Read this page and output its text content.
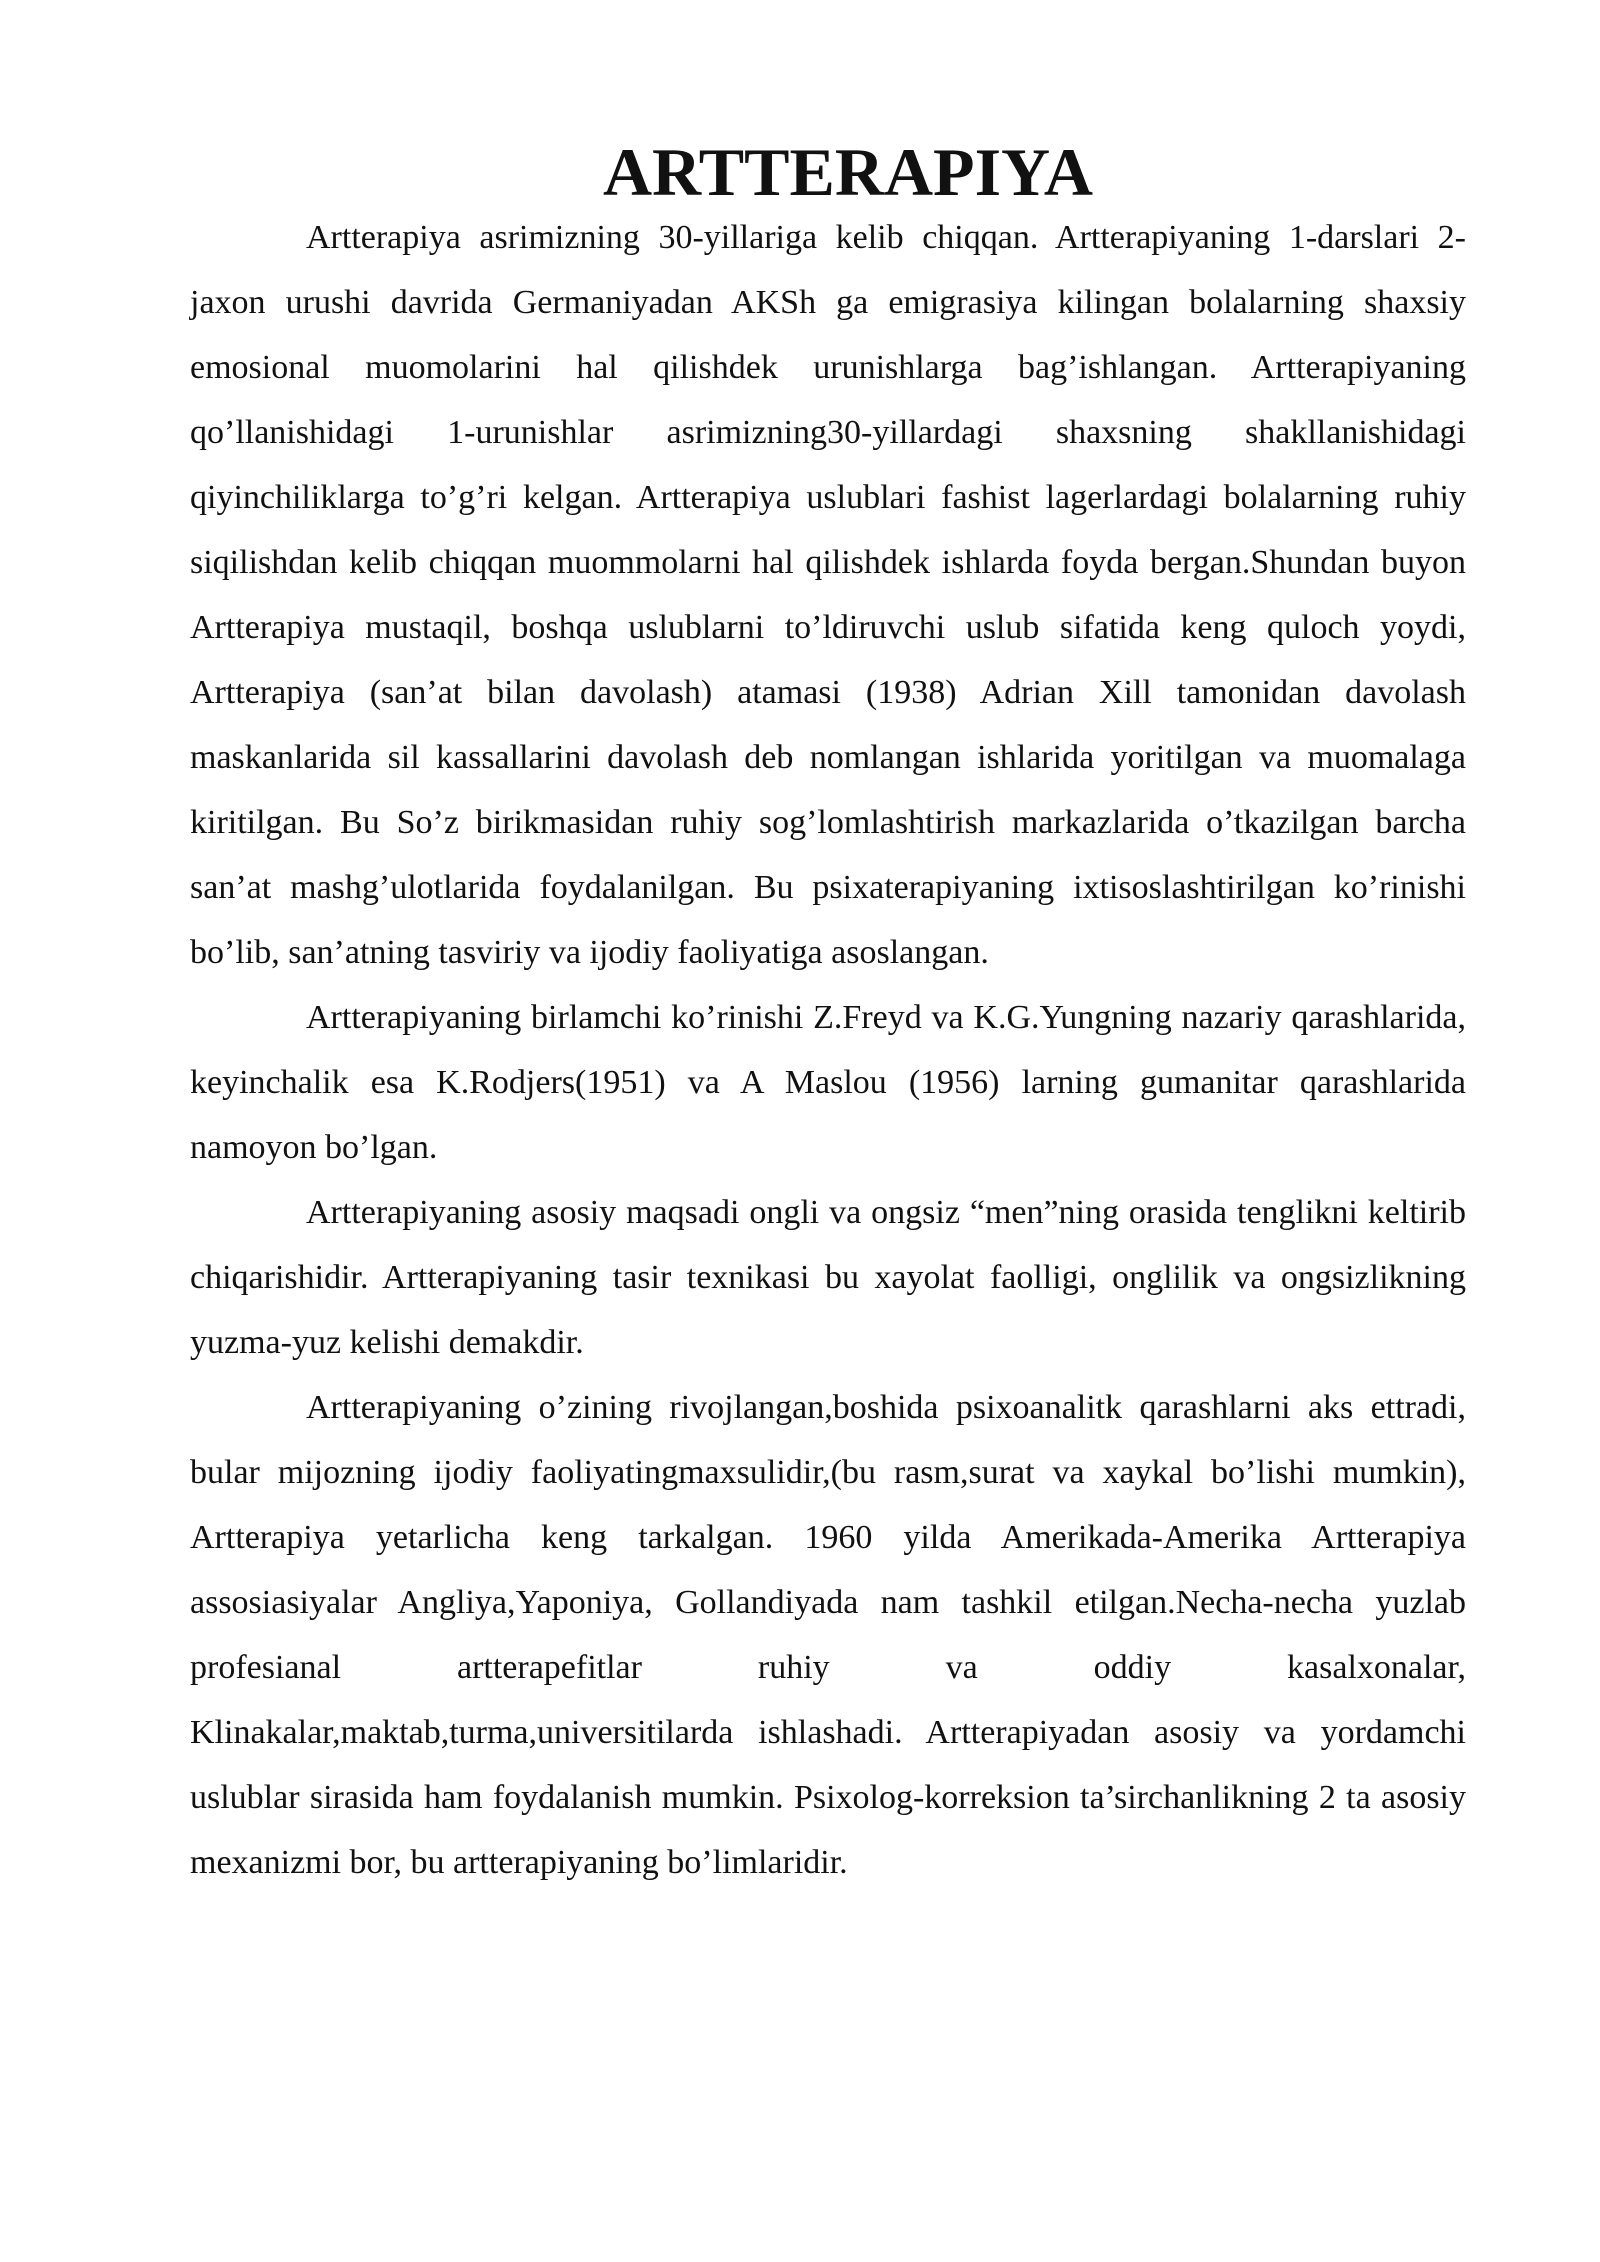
ARTTERAPIYA

Artterapiya asrimizning 30-yillariga kelib chiqqan. Artterapiyaning 1-darslari 2-jaxon urushi davrida Germaniyadan AKSh ga emigrasiya kilingan bolalarning shaxsiy emosional muomolarini hal qilishdek urunishlarga bag’ishlangan. Artterapiyaning qo’llanishidagi 1-urunishlar asrimizning30-yillardagi shaxsning shakllanishidagi qiyinchiliklarga to’g’ri kelgan. Artterapiya uslublari fashist lagerlardagi bolalarning ruhiy siqilishdan kelib chiqqan muommolarni hal qilishdek ishlarda foyda bergan.Shundan buyon Artterapiya mustaqil, boshqa uslublarni to’ldiruvchi uslub sifatida keng quloch yoydi, Artterapiya (san’at bilan davolash) atamasi (1938) Adrian Xill tamonidan davolash maskanlarida sil kassallarini davolash deb nomlangan ishlarida yoritilgan va muomalaga kiritilgan. Bu So’z birikmasidan ruhiy sog’lomlashtirish markazlarida o’tkazilgan barcha san’at mashg’ulotlarida foydalanilgan. Bu psixaterapiyaning ixtisoslashtirilgan ko’rinishi bo’lib, san’atning tasviriy va ijodiy faoliyatiga asoslangan.

Artterapiyaning birlamchi ko’rinishi Z.Freyd va K.G.Yungning nazariy qarashlarida, keyinchalik esa K.Rodjers(1951) va A Maslou (1956) larning gumanitar qarashlarida namoyon bo’lgan.

Artterapiyaning asosiy maqsadi ongli va ongsiz “men”ning orasida tenglikni keltirib chiqarishidir. Artterapiyaning tasir texnikasi bu xayolat faolligi, onglilik va ongsizlikning yuzma-yuz kelishi demakdir.

Artterapiyaning o’zining rivojlangan,boshida psixoanalitk qarashlarni aks ettradi, bular mijozning ijodiy faoliyatingmaxsulidir,(bu rasm,surat va xaykal bo’lishi mumkin), Artterapiya yetarlicha keng tarkalgan. 1960 yilda Amerikada-Amerika Artterapiya assosiasiyalar Angliya,Yaponiya, Gollandiyada nam tashkil etilgan.Necha-necha yuzlab profesianal artterapefitlar ruhiy va oddiy kasalxonalar, Klinakalar,maktab,turma,universitilarda ishlashadi. Artterapiyadan asosiy va yordamchi uslublar sirasida ham foydalanish mumkin. Psixolog-korreksion ta’sirchanlikning 2 ta asosiy mexanizmi bor, bu artterapiyaning bo’limlaridir.
